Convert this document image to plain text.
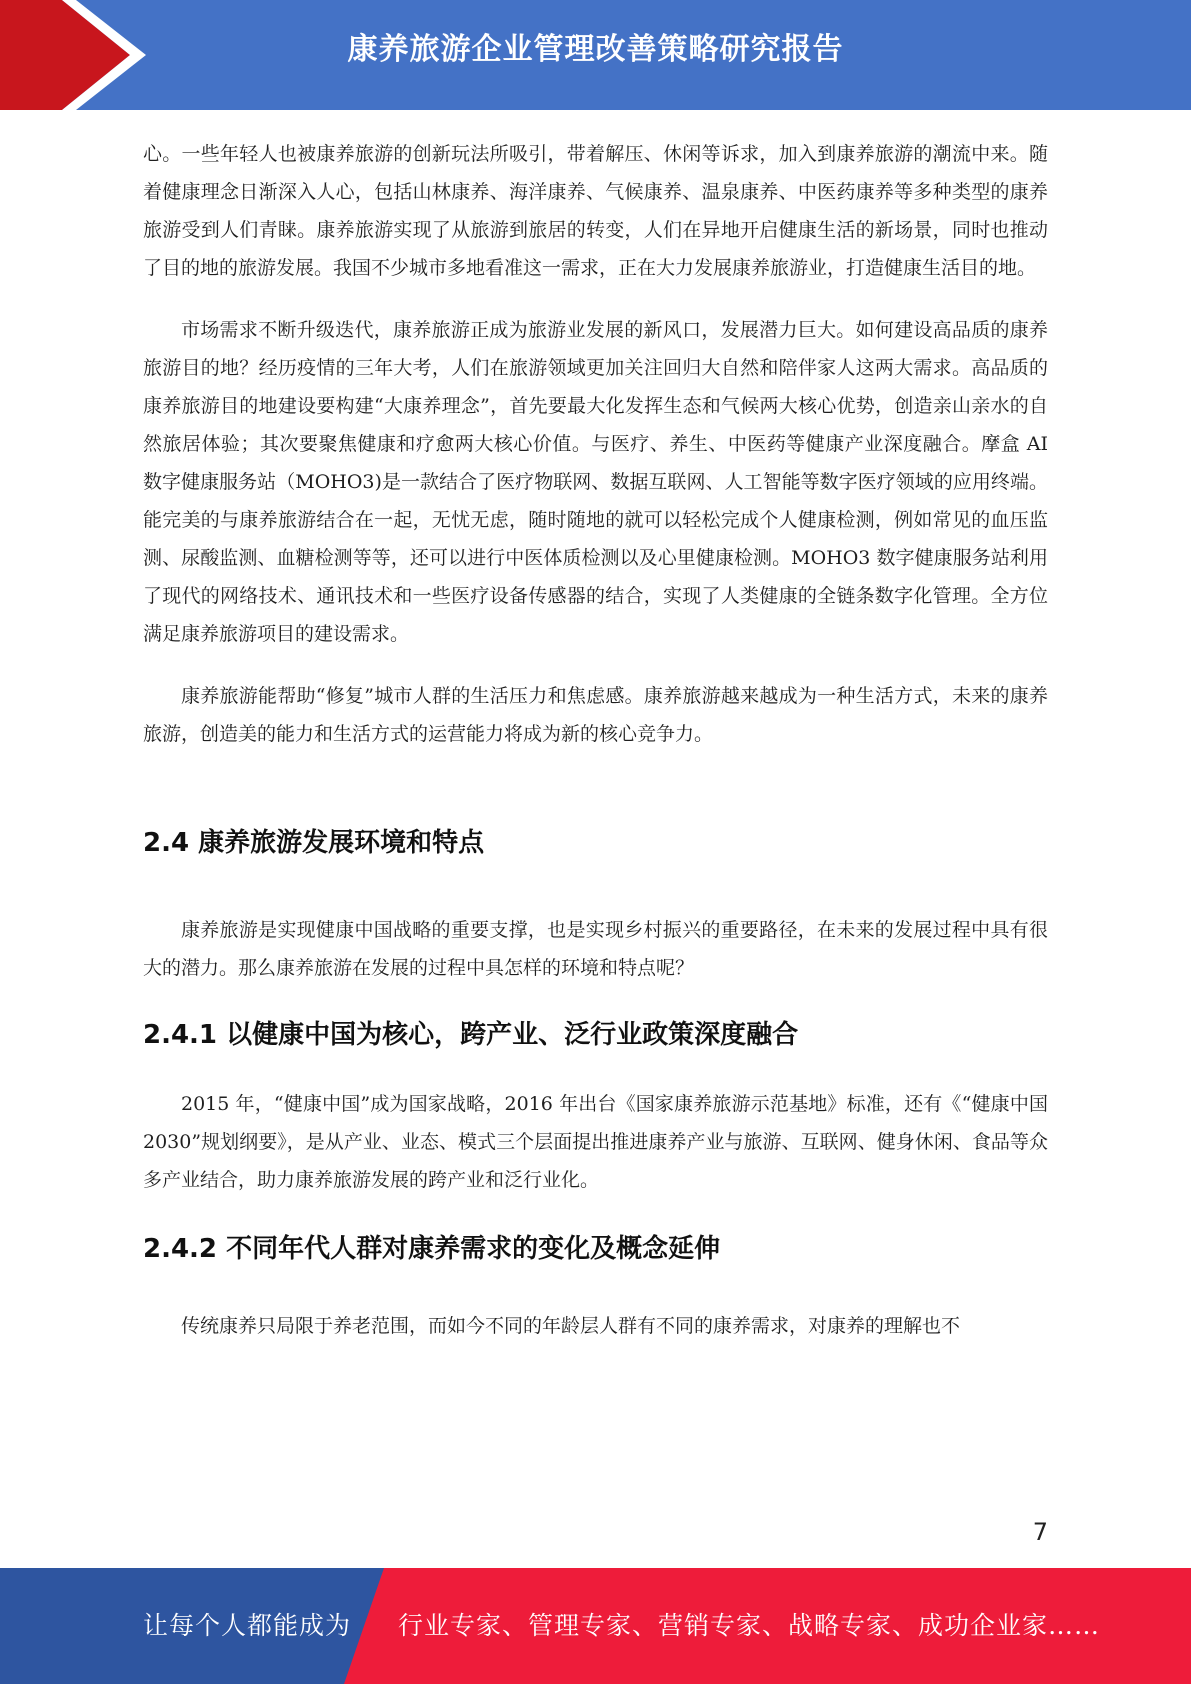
康养旅游企业管理改善策略研究报告

心。一些年轻人也被康养旅游的创新玩法所吸引，带着解压、休闲等诉求，加入到康养旅游的潮流中来。随着健康理念日渐深入人心，包括山林康养、海洋康养、气候康养、温泉康养、中医药康养等多种类型的康养旅游受到人们青睐。康养旅游实现了从旅游到旅居的转变，人们在异地开启健康生活的新场景，同时也推动了目的地的旅游发展。我国不少城市多地看准这一需求，正在大力发展康养旅游业，打造健康生活目的地。

市场需求不断升级迭代，康养旅游正成为旅游业发展的新风口，发展潜力巨大。如何建设高品质的康养旅游目的地？经历疫情的三年大考，人们在旅游领域更加关注回归大自然和陪伴家人这两大需求。高品质的康养旅游目的地建设要构建“大康养理念”，首先要最大化发挥生态和气候两大核心优势，创造亲山亲水的自然旅居体验；其次要聚焦健康和疗愈两大核心价值。与医疗、养生、中医药等健康产业深度融合。摩盒 AI 数字健康服务站（MOHO3)是一款结合了医疗物联网、数据互联网、人工智能等数字医疗领域的应用终端。能完美的与康养旅游结合在一起，无忧无虑，随时随地的就可以轻松完成个人健康检测，例如常见的血压监测、尿酸监测、血糖检测等等，还可以进行中医体质检测以及心里健康检测。MOHO3 数字健康服务站利用了现代的网络技术、通讯技术和一些医疗设备传感器的结合，实现了人类健康的全链条数字化管理。全方位满足康养旅游项目的建设需求。

康养旅游能帮助“修复”城市人群的生活压力和焦虑感。康养旅游越来越成为一种生活方式，未来的康养旅游，创造美的能力和生活方式的运营能力将成为新的核心竞争力。

2.4 康养旅游发展环境和特点

康养旅游是实现健康中国战略的重要支撑，也是实现乡村振兴的重要路径，在未来的发展过程中具有很大的潜力。那么康养旅游在发展的过程中具怎样的环境和特点呢？

2.4.1 以健康中国为核心，跨产业、泛行业政策深度融合

2015 年，“健康中国”成为国家战略，2016 年出台《国家康养旅游示范基地》标准，还有《“健康中国 2030”规划纲要》，是从产业、业态、模式三个层面提出推进康养产业与旅游、互联网、健身休闲、食品等众多产业结合，助力康养旅游发展的跨产业和泛行业化。

2.4.2 不同年代人群对康养需求的变化及概念延伸

传统康养只局限于养老范围，而如今不同的年龄层人群有不同的康养需求，对康养的理解也不

7
让每个人都能成为 行业专家、管理专家、营销专家、战略专家、成功企业家……
